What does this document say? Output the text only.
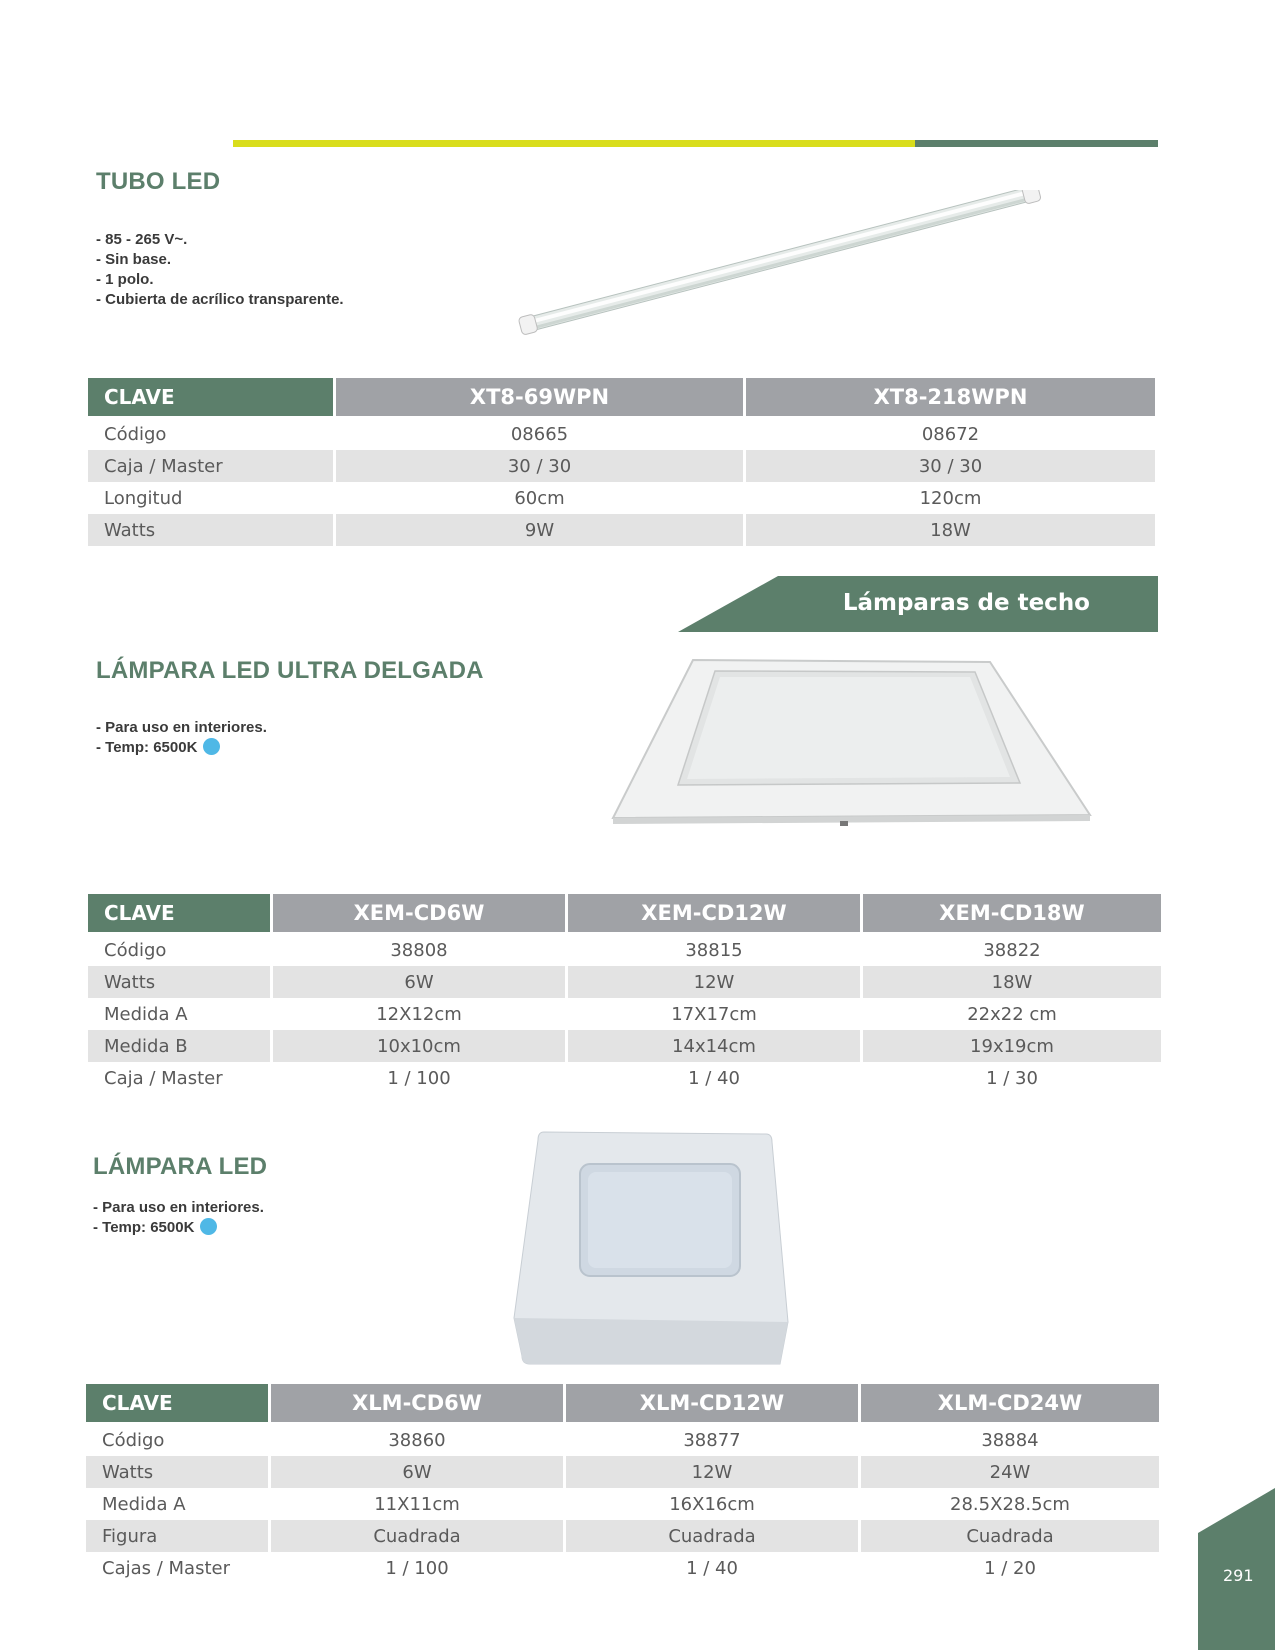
TUBO LED
- 85 - 265 V~.
- Sin base.
- 1 polo.
- Cubierta de acrílico transparente.
CLAVE	XT8-69WPN	XT8-218WPN
Código	08665	08672
Caja / Master	30 / 30	30 / 30
Longitud	60cm	120cm
Watts	9W	18W
Lámparas de techo
LÁMPARA LED ULTRA DELGADA
- Para uso en interiores.
- Temp: 6500K
CLAVE	XEM-CD6W	XEM-CD12W	XEM-CD18W
Código	38808	38815	38822
Watts	6W	12W	18W
Medida A	12X12cm	17X17cm	22x22 cm
Medida B	10x10cm	14x14cm	19x19cm
Caja / Master	1 / 100	1 / 40	1 / 30
LÁMPARA LED
- Para uso en interiores.
- Temp: 6500K
CLAVE	XLM-CD6W	XLM-CD12W	XLM-CD24W
Código	38860	38877	38884
Watts	6W	12W	24W
Medida A	11X11cm	16X16cm	28.5X28.5cm
Figura	Cuadrada	Cuadrada	Cuadrada
Cajas / Master	1 / 100	1 / 40	1 / 20	291
